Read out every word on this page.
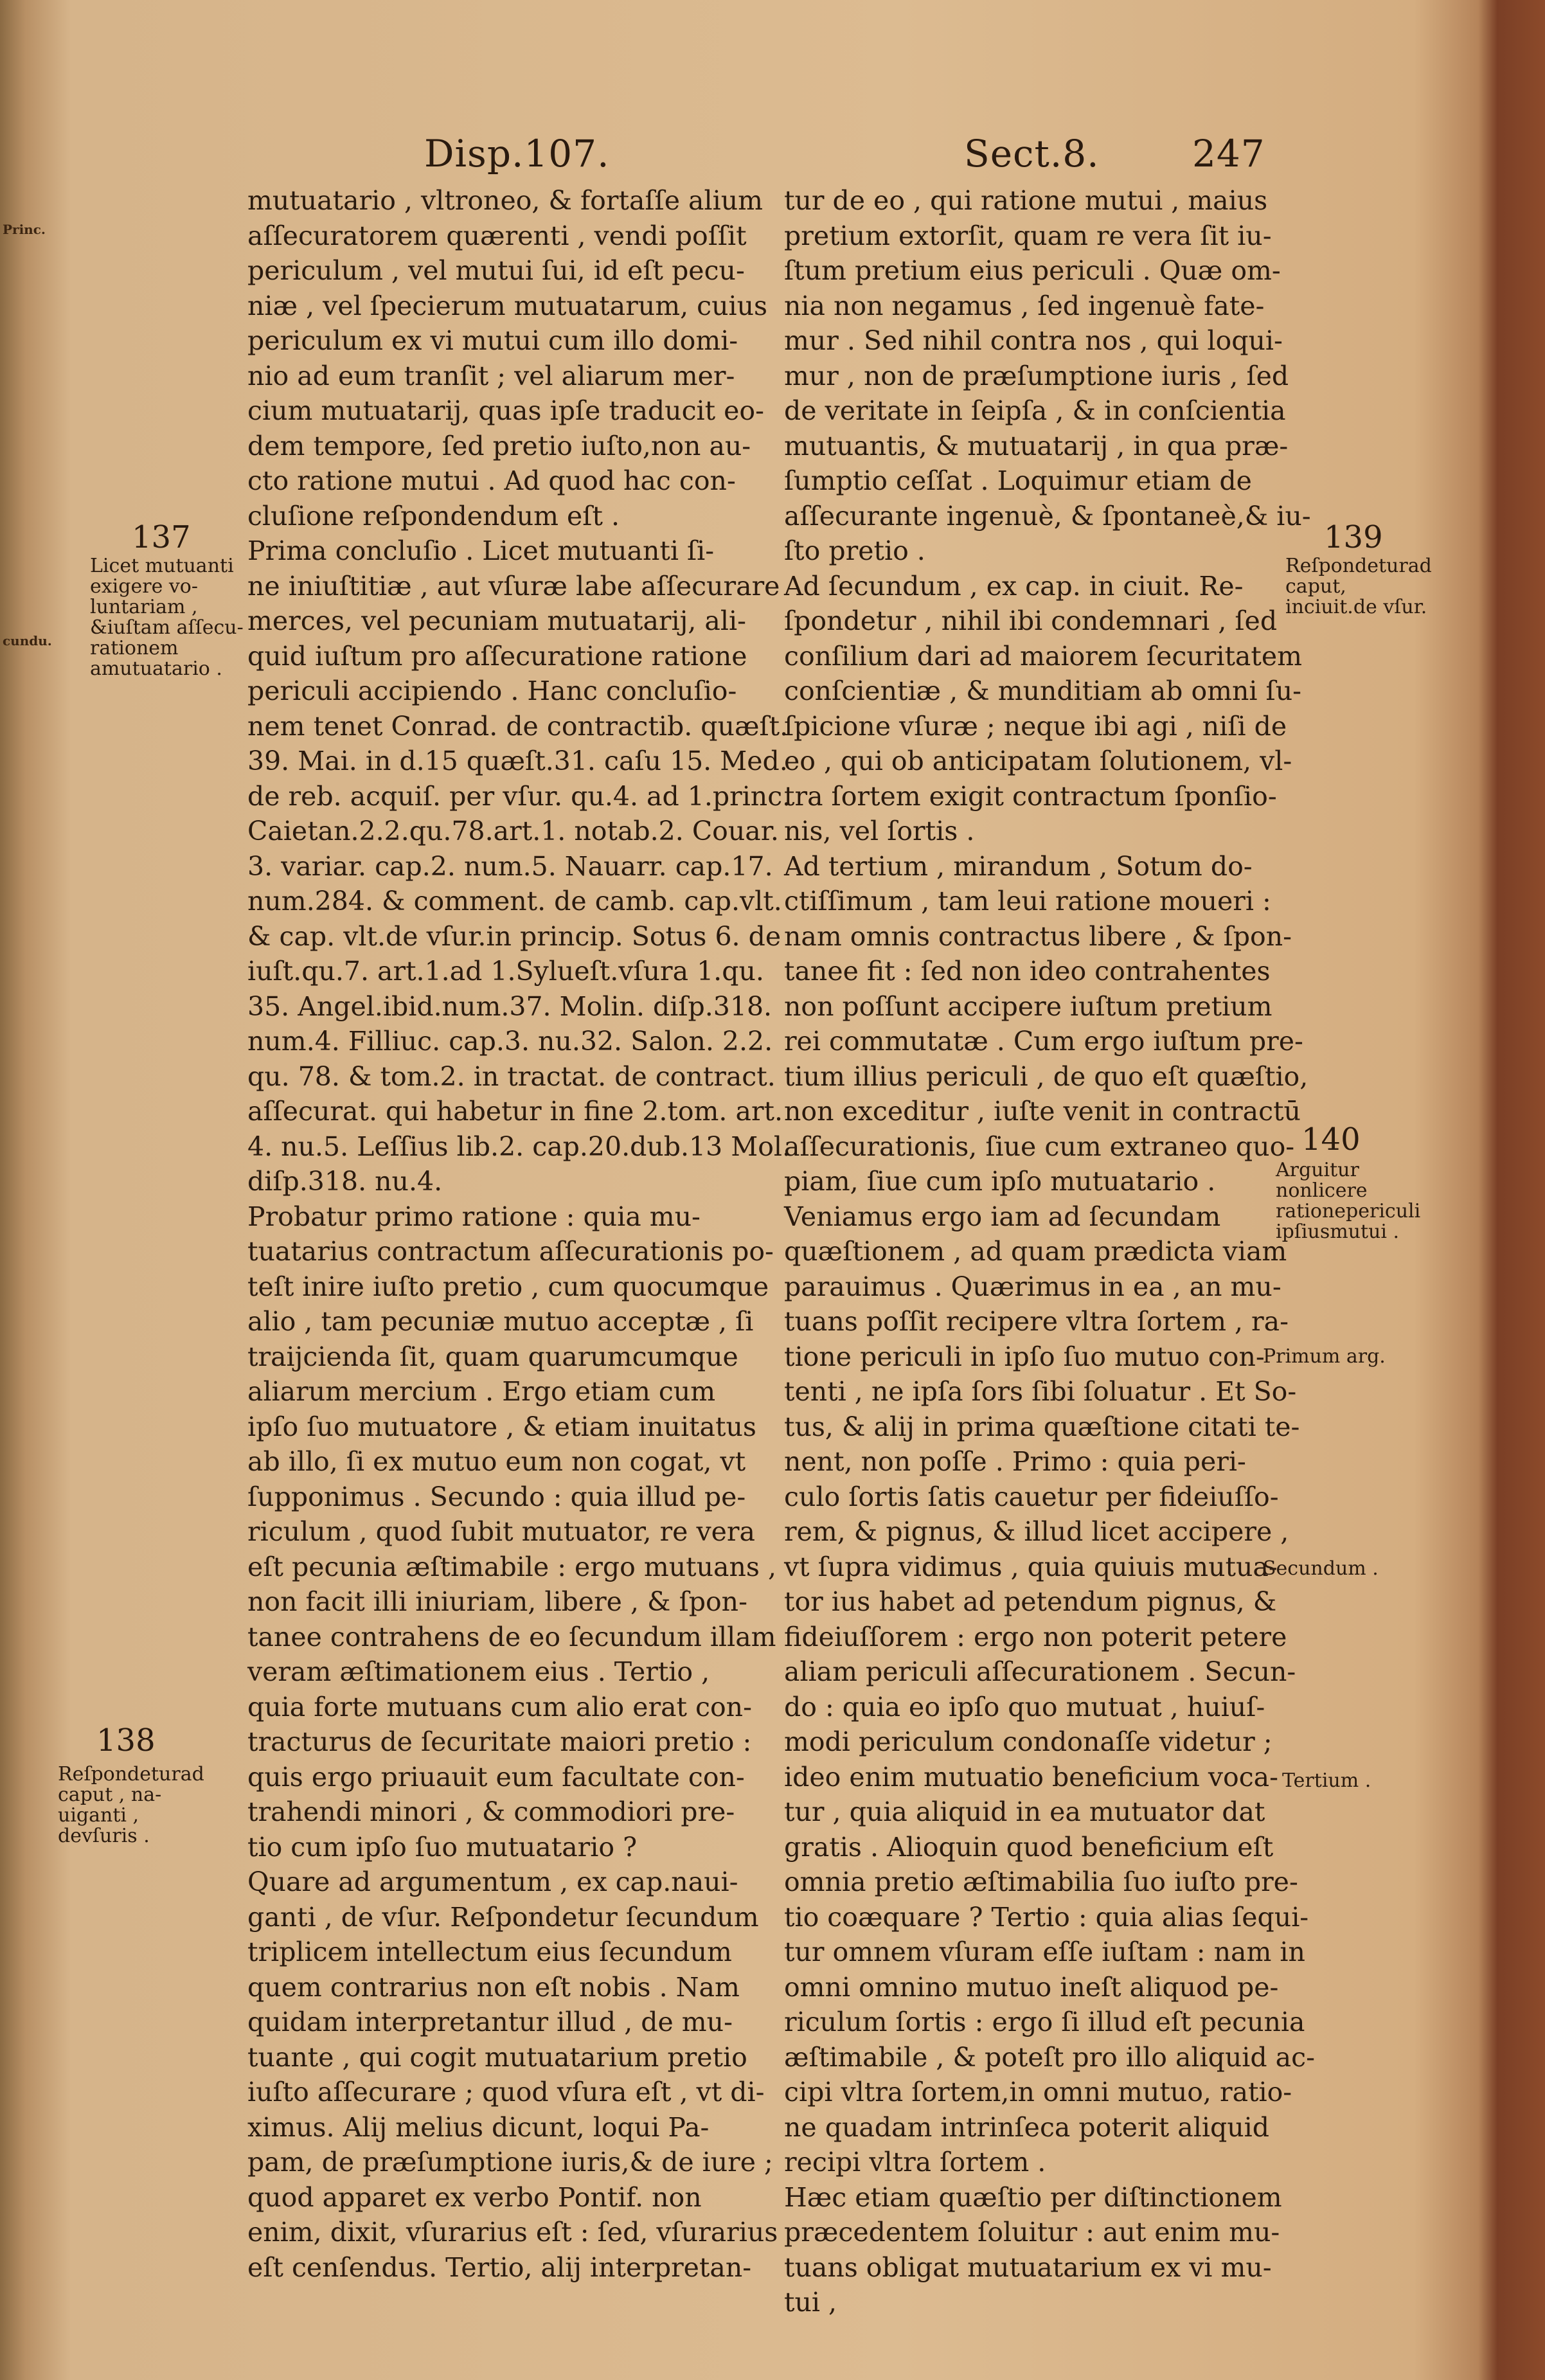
Princ.
cundu.
Disp.107.	Sect.8. 247
mutuatario , vltroneo, & fortaſſe alium
aſſecuratorem quærenti , vendi poſſit
periculum , vel mutui ſui, id eſt pecu-
niæ , vel ſpecierum mutuatarum, cuius
periculum ex vi mutui cum illo domi-
nio ad eum tranſit ; vel aliarum mer-
cium mutuatarij, quas ipſe traducit eo-
dem tempore, ſed pretio iuſto,non au-
ctо ratione mutui . Ad quod hac con-
cluſione reſpondendum eſt .
Prima concluſio . Licet mutuanti ſi-
ne iniuſtitiæ , aut vſuræ labe aſſecurare
merces, vel pecuniam mutuatarij, ali-
quid iuſtum pro aſſecuratione ratione
periculi accipiendo . Hanc concluſio-
nem tenet Conrad. de contractib. quæſt.
39. Mai. in d.15 quæſt.31. caſu 15. Med.
de reb. acquiſ. per vſur. qu.4. ad 1.princ.
Caietan.2.2.qu.78.art.1. notab.2. Couar.
3. variar. cap.2. num.5. Nauarr. cap.17.
num.284. & comment. de camb. cap.vlt.
& cap. vlt.de vſur.in princip. Sotus 6. de
iuſt.qu.7. art.1.ad 1.Syluеſt.vſura 1.qu.
35. Angel.ibid.num.37. Molin. diſp.318.
num.4. Filliuc. cap.3. nu.32. Salon. 2.2.
qu. 78. & tom.2. in tractat. de contract.
aſſecurat. qui habetur in fine 2.tom. art.
4. nu.5. Leſſius lib.2. cap.20.dub.13 Mol.
diſp.318. nu.4.
Probatur primo ratione : quia mu-
tuatarius contractum aſſecurationis po-
teſt inire iuſto pretio , cum quocumque
alio , tam pecuniæ mutuo acceptæ , ſi
traijcienda ſit, quam quarumcumque
aliarum mercium . Ergo etiam cum
ipſo ſuo mutuatore , & etiam inuitatus
ab illo, ſi ex mutuo eum non cogat, vt
ſupponimus . Secundo : quia illud pe-
riculum , quod ſubit mutuator, re vera
eſt pecunia æſtimabile : ergo mutuans ,
non facit illi iniuriam, libere , & ſpon-
tanee contrahens de eo ſecundum illam
veram æſtimationem eius . Tertio ,
quia forte mutuans cum alio erat con-
tracturus de ſecuritate maiori pretio :
quis ergo priuauit eum facultate con-
trahendi minori , & commodiori pre-
tio cum ipſo ſuo mutuatario ?
Quare ad argumentum , ex cap.naui-
ganti , de vſur. Reſpondetur ſecundum
triplicem intellectum eius ſecundum
quem contrarius non eſt nobis . Nam
quidam interpretantur illud , de mu-
tuante , qui cogit mutuatarium pretio
iuſto aſſecurare ; quod vſura eſt , vt di-
ximus. Alij melius dicunt, loqui Pa-
pam, de præſumptione iuris,& de iure ;
quod apparet ex verbo Pontif. non
enim, dixit, vſurarius eſt : ſed, vſurarius
eſt cenſendus. Tertio, alij interpretan-
tur de eo , qui ratione mutui , maius
pretium extorſit, quam re vera ſit iu-
ſtum pretium eius periculi . Quæ om-
nia non negamus , ſed ingenuè fate-
mur . Sed nihil contra nos , qui loqui-
mur , non de præſumptione iuris , ſed
de veritate in ſeipſa , & in conſcientia
mutuantis, & mutuatarij , in qua præ-
ſumptio ceſſat . Loquimur etiam de
aſſecurante ingenuè, & ſpontaneè,& iu-
ſto pretio .
Ad ſecundum , ex cap. in ciuit. Re-
ſpondetur , nihil ibi condemnari , ſed
conſilium dari ad maiorem ſecuritatem
conſcientiæ , & munditiam ab omni ſu-
ſpicione vſuræ ; neque ibi agi , niſi de
eo , qui ob anticipatam ſolutionem, vl-
tra ſortem exigit contractum ſponſio-
nis, vel ſortis .
Ad tertium , mirandum , Sotum do-
ctiſſimum , tam leui ratione moueri :
nam omnis contractus libere , & ſpon-
tanee fit : ſed non ideo contrahentes
non poſſunt accipere iuſtum pretium
rei commutatæ . Cum ergo iuſtum pre-
tium illius periculi , de quo eſt quæſtio,
non exceditur , iuſte venit in contractū
aſſecurationis, ſiue cum extraneo quo-
piam, ſiue cum ipſo mutuatario .
Veniamus ergo iam ad ſecundam
quæſtionem , ad quam prædicta viam
parauimus . Quærimus in ea , an mu-
tuans poſſit recipere vltra ſortem , ra-
tione periculi in ipſo ſuo mutuo con-
tenti , ne ipſa ſors ſibi ſoluatur . Et So-
tus, & alij in prima quæſtione citati te-
nent, non poſſe . Primo : quia peri-
culo ſortis ſatis cauetur per fideiuſſo-
rem, & pignus, & illud licet accipere ,
vt ſupra vidimus , quia quiuis mutua-
tor ius habet ad petendum pignus, &
fideiuſſorem : ergo non poterit petere
aliam periculi aſſecurationem . Secun-
do : quia eo ipſo quo mutuat , huiuſ-
modi periculum condonaſſe videtur ;
ideo enim mutuatio beneficium voca-
tur , quia aliquid in ea mutuator dat
gratis . Alioquin quod beneficium eſt
omnia pretio æſtimabilia ſuo iuſto pre-
tio coæquare ? Tertio : quia alias ſequi-
tur omnem vſuram eſſe iuſtam : nam in
omni omnino mutuo ineſt aliquod pe-
riculum ſortis : ergo ſi illud eſt pecunia
æſtimabile , & poteſt pro illo aliquid ac-
cipi vltra ſortem,in omni mutuo, ratio-
ne quadam intrinſeca poterit aliquid
recipi vltra ſortem .
Hæc etiam quæſtio per diſtinctionem
præcedentem ſoluitur : aut enim mu-
tuans obligat mutuatarium ex vi mu-
tui ,
137
Licet mutuanti exigere vo-luntariam , &iuſtam aſſecu-rationem amutuatario .
138
Reſpondeturad caput , na-uiganti , devſuris .
139
Reſpondeturad caput, inciuit.de vſur.
140
Arguitur nonlicere rationepericuli ipſiusmutui .
Primum arg.
Secundum .
Tertium .
